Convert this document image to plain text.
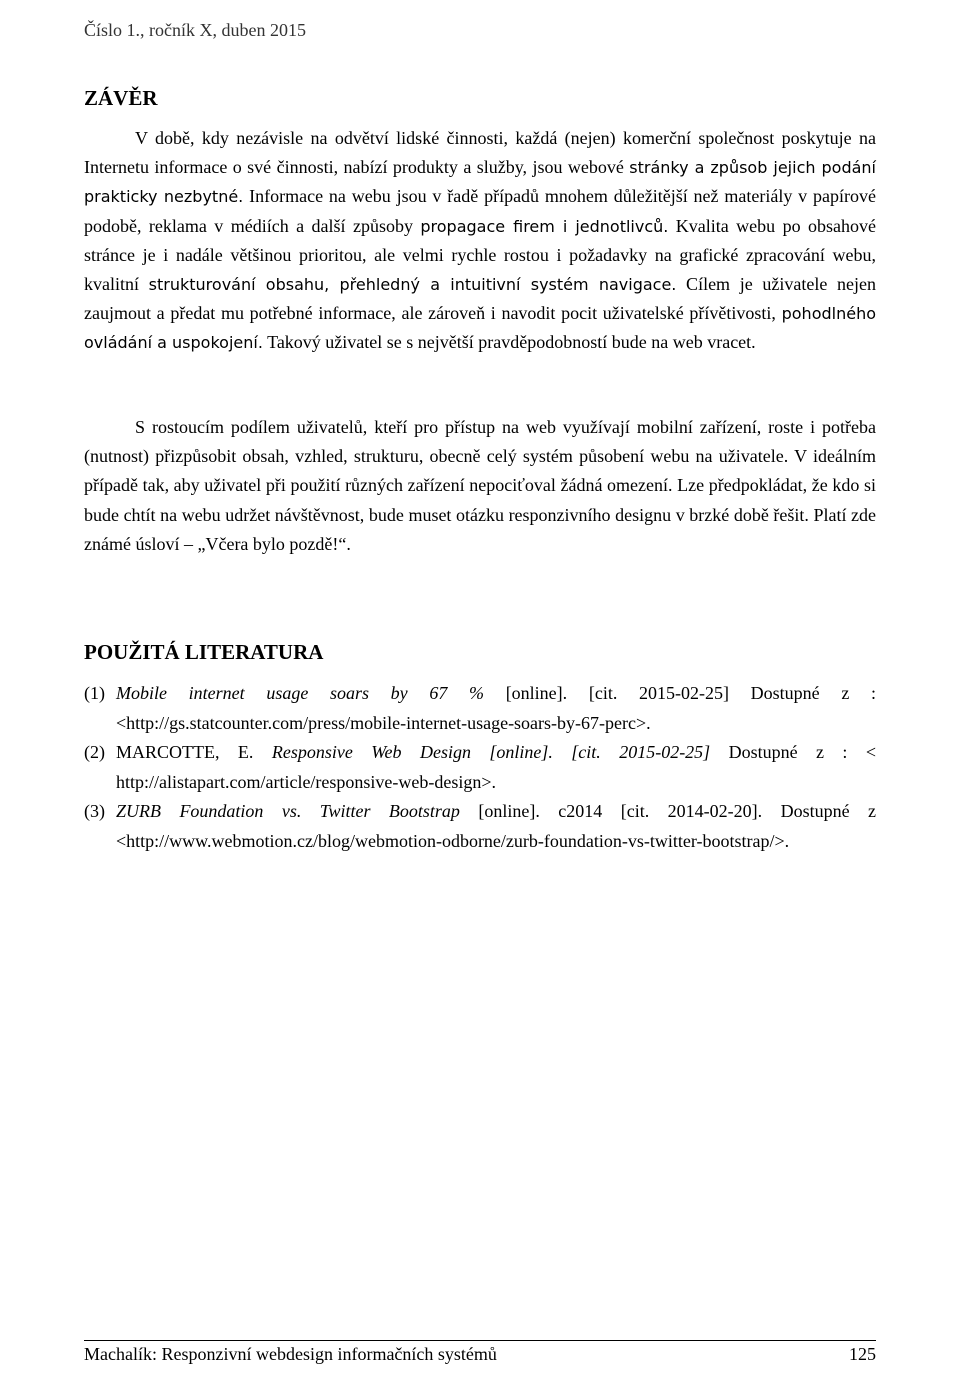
Číslo 1., ročník X, duben 2015
ZÁVĚR

V době, kdy nezávisle na odvětví lidské činnosti, každá (nejen) komerční společnost poskytuje na Internetu informace o své činnosti, nabízí produkty a služby, jsou webové stránky a způsob jejich podání prakticky nezbytné. Informace na webu jsou v řadě případů mnohem důležitější než materiály v papírové podobě, reklama v médiích a další způsoby propagace firem i jednotlivců. Kvalita webu po obsahové stránce je i nadále většinou prioritou, ale velmi rychle rostou i požadavky na grafické zpracování webu, kvalitní strukturování obsahu, přehledný a intuitivní systém navigace. Cílem je uživatele nejen zaujmout a předat mu potřebné informace, ale zároveň i navodit pocit uživatelské přívětivosti, pohodlného ovládání a uspokojení. Takový uživatel se s největší pravděpodobností bude na web vracet.

S rostoucím podílem uživatelů, kteří pro přístup na web využívají mobilní zařízení, roste i potřeba (nutnost) přizpůsobit obsah, vzhled, strukturu, obecně celý systém působení webu na uživatele. V ideálním případě tak, aby uživatel při použití různých zařízení nepociťoval žádná omezení. Lze předpokládat, že kdo si bude chtít na webu udržet návštěvnost, bude muset otázku responzivního designu v brzké době řešit. Platí zde známé úsloví – „Včera bylo pozdě!“.

POUŽITÁ LITERATURA
(1) Mobile internet usage soars by 67 % [online]. [cit. 2015-02-25] Dostupné z : <http://gs.statcounter.com/press/mobile-internet-usage-soars-by-67-perc>.
(2) MARCOTTE, E. Responsive Web Design [online]. [cit. 2015-02-25] Dostupné z : < http://alistapart.com/article/responsive-web-design>.
(3) ZURB Foundation vs. Twitter Bootstrap [online]. c2014 [cit. 2014-02-20]. Dostupné z <http://www.webmotion.cz/blog/webmotion-odborne/zurb-foundation-vs-twitter-bootstrap/>.
Machalík: Responzivní webdesign informačních systémů	125
